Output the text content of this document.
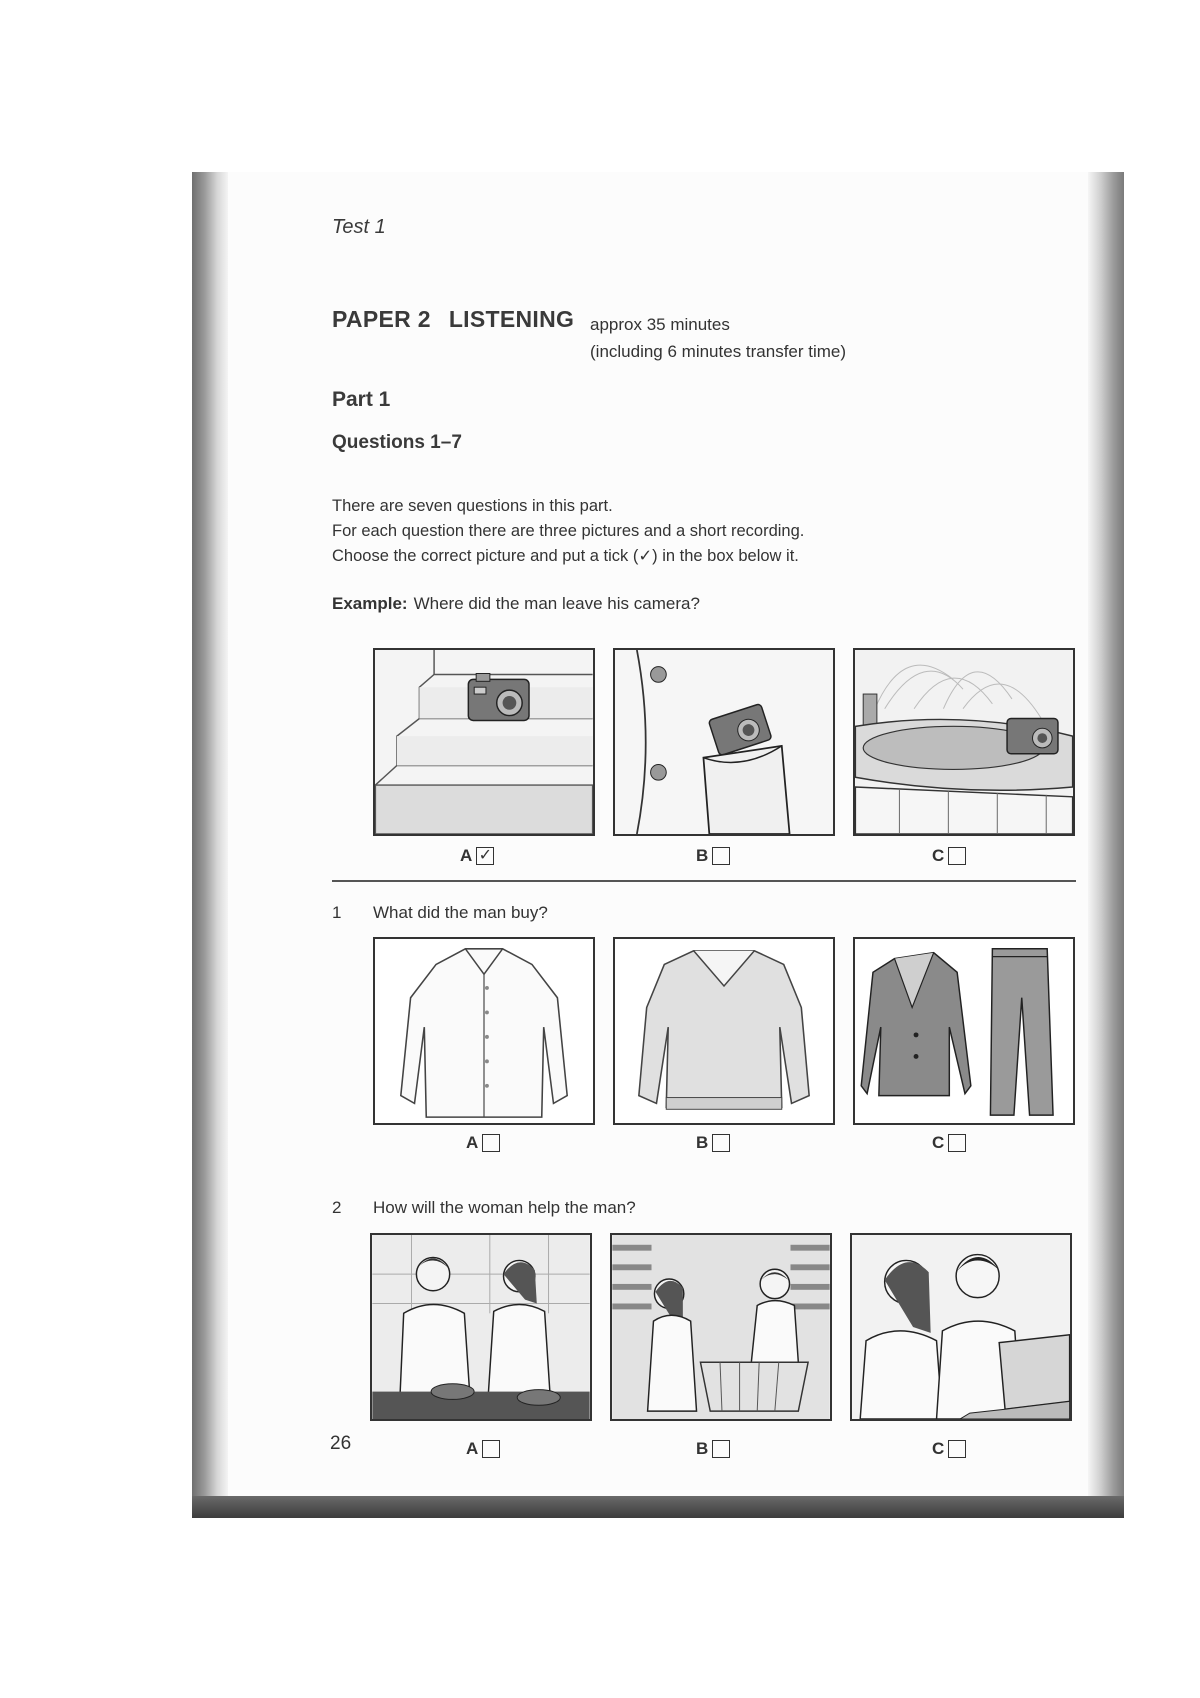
Test 1
PAPER 2 LISTENING approx 35 minutes
(including 6 minutes transfer time)
Part 1
Questions 1–7
There are seven questions in this part.
For each question there are three pictures and a short recording.
Choose the correct picture and put a tick (✓) in the box below it.
Example: Where did the man leave his camera?
A ✓	B	C
1 What did the man buy?
A	B	C
2 How will the woman help the man?
A	B	C
26
